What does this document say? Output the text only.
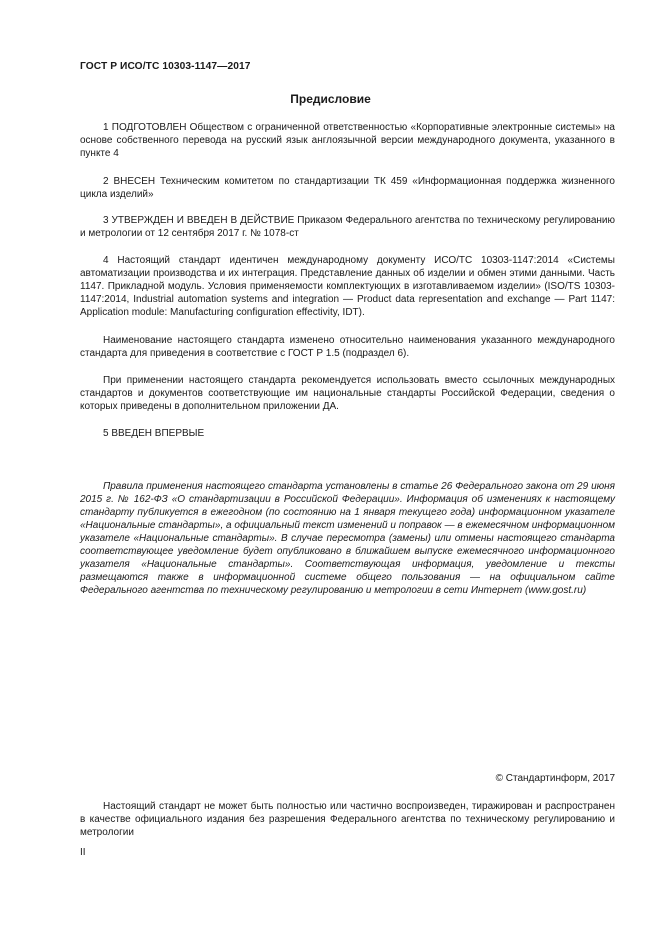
ГОСТ Р ИСО/ТС 10303-1147—2017
Предисловие

1 ПОДГОТОВЛЕН Обществом с ограниченной ответственностью «Корпоративные электронные системы» на основе собственного перевода на русский язык англоязычной версии международного документа, указанного в пункте 4

2 ВНЕСЕН Техническим комитетом по стандартизации ТК 459 «Информационная поддержка жизненного цикла изделий»

3 УТВЕРЖДЕН И ВВЕДЕН В ДЕЙСТВИЕ Приказом Федерального агентства по техническому регулированию и метрологии от 12 сентября 2017 г. № 1078-ст

4 Настоящий стандарт идентичен международному документу ИСО/ТС 10303-1147:2014 «Системы автоматизации производства и их интеграция. Представление данных об изделии и обмен этими данными. Часть 1147. Прикладной модуль. Условия применяемости комплектующих в изготавливаемом изделии» (ISO/TS 10303-1147:2014, Industrial automation systems and integration — Product data representation and exchange — Part 1147: Application module: Manufacturing configuration effectivity, IDT).

Наименование настоящего стандарта изменено относительно наименования указанного международного стандарта для приведения в соответствие с ГОСТ Р 1.5 (подраздел 6).

При применении настоящего стандарта рекомендуется использовать вместо ссылочных международных стандартов и документов соответствующие им национальные стандарты Российской Федерации, сведения о которых приведены в дополнительном приложении ДА.

5 ВВЕДЕН ВПЕРВЫЕ

Правила применения настоящего стандарта установлены в статье 26 Федерального закона от 29 июня 2015 г. № 162-ФЗ «О стандартизации в Российской Федерации». Информация об изменениях к настоящему стандарту публикуется в ежегодном (по состоянию на 1 января текущего года) информационном указателе «Национальные стандарты», а официальный текст изменений и поправок — в ежемесячном информационном указателе «Национальные стандарты». В случае пересмотра (замены) или отмены настоящего стандарта соответствующее уведомление будет опубликовано в ближайшем выпуске ежемесячного информационного указателя «Национальные стандарты». Соответствующая информация, уведомление и тексты размещаются также в информационной системе общего пользования — на официальном сайте Федерального агентства по техническому регулированию и метрологии в сети Интернет (www.gost.ru)

© Стандартинформ, 2017

Настоящий стандарт не может быть полностью или частично воспроизведен, тиражирован и распространен в качестве официального издания без разрешения Федерального агентства по техническому регулированию и метрологии

II
